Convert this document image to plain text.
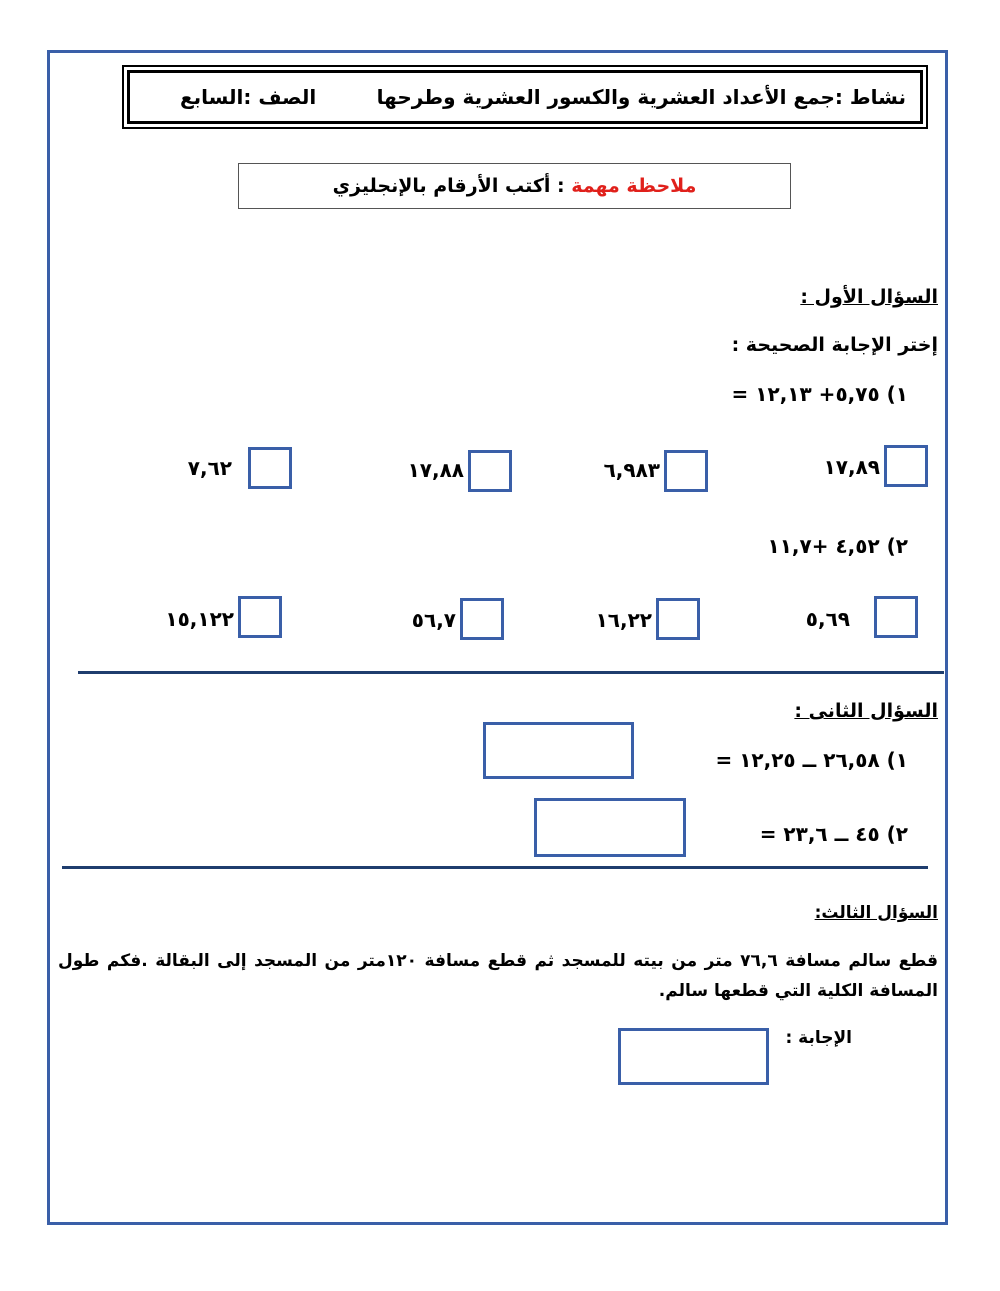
نشاط :جمع الأعداد العشرية والكسور العشرية وطرحها
الصف :السابع
ملاحظة مهمة : أكتب الأرقام بالإنجليزي
السؤال الأول :
إختر الإجابة الصحيحة :
١) ٥,٧٥+ ١٢,١٣ =
١٧,٨٩
٦,٩٨٣
١٧,٨٨
٧,٦٢
٢) ٤,٥٢ +١١,٧
٥,٦٩
١٦,٢٢
٥٦,٧
١٥,١٢٢
السؤال الثانى :
١) ٢٦,٥٨ ــ ١٢,٢٥ =
٢) ٤٥ ــ ٢٣,٦ =
السؤال الثالث:
قطع سالم مسافة ٧٦,٦ متر من بيته للمسجد ثم قطع مسافة ١٢٠متر من المسجد إلى البقالة .فكم طول المسافة الكلية التي قطعها سالم.
الإجابة :
